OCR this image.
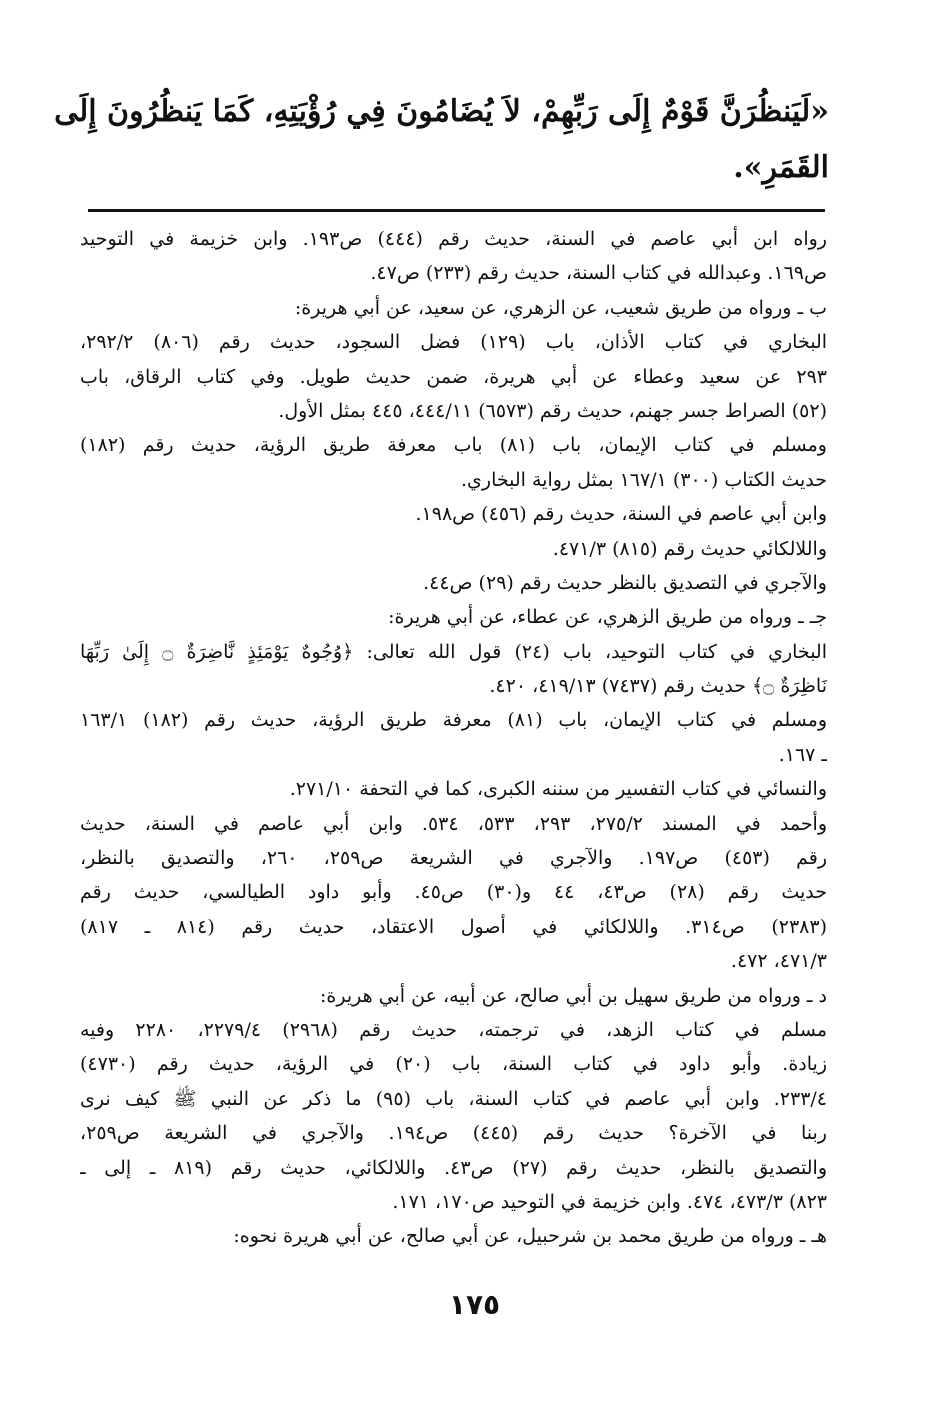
«لَيَنظُرَنَّ قَوْمٌ إِلَى رَبِّهِمْ، لاَ يُضَامُونَ فِي رُؤْيَتِهِ، كَمَا يَنظُرُونَ إِلَى
القَمَرِ».
رواه ابن أبي عاصم في السنة، حديث رقم (٤٤٤) ص١٩٣. وابن خزيمة في التوحيد
ص١٦٩. وعبدالله في كتاب السنة، حديث رقم (٢٣٣) ص٤٧.
ب ـ ورواه من طريق شعيب، عن الزهري، عن سعيد، عن أبي هريرة:
البخاري في كتاب الأذان، باب (١٢٩) فضل السجود، حديث رقم (٨٠٦) ٢٩٢/٢،
٢٩٣ عن سعيد وعطاء عن أبي هريرة، ضمن حديث طويل. وفي كتاب الرقاق، باب
(٥٢) الصراط جسر جهنم، حديث رقم (٦٥٧٣) ٤٤٤/١١، ٤٤٥ بمثل الأول.
ومسلم في كتاب الإيمان، باب (٨١) باب معرفة طريق الرؤية، حديث رقم (١٨٢)
حديث الكتاب (٣٠٠) ١٦٧/١ بمثل رواية البخاري.
وابن أبي عاصم في السنة، حديث رقم (٤٥٦) ص١٩٨.
واللالكائي حديث رقم (٨١٥) ٤٧١/٣.
والآجري في التصديق بالنظر حديث رقم (٢٩) ص٤٤.
جـ ـ ورواه من طريق الزهري، عن عطاء، عن أبي هريرة:
البخاري في كتاب التوحيد، باب (٢٤) قول الله تعالى: ﴿وُجُوهٌ يَوْمَئِذٍ نَّاضِرَةٌ ۝ إِلَىٰ رَبِّهَا
نَاظِرَةٌ ۝﴾ حديث رقم (٧٤٣٧) ٤١٩/١٣، ٤٢٠.
ومسلم في كتاب الإيمان، باب (٨١) معرفة طريق الرؤية، حديث رقم (١٨٢) ١٦٣/١
ـ ١٦٧.
والنسائي في كتاب التفسير من سننه الكبرى، كما في التحفة ٢٧١/١٠.
وأحمد في المسند ٢٧٥/٢، ٢٩٣، ٥٣٣، ٥٣٤. وابن أبي عاصم في السنة، حديث
رقم (٤٥٣) ص١٩٧. والآجري في الشريعة ص٢٥٩، ٢٦٠، والتصديق بالنظر،
حديث رقم (٢٨) ص٤٣، ٤٤ و(٣٠) ص٤٥. وأبو داود الطيالسي، حديث رقم
(٢٣٨٣) ص٣١٤. واللالكائي في أصول الاعتقاد، حديث رقم (٨١٤ ـ ٨١٧)
٤٧١/٣، ٤٧٢.
د ـ ورواه من طريق سهيل بن أبي صالح، عن أبيه، عن أبي هريرة:
مسلم في كتاب الزهد، في ترجمته، حديث رقم (٢٩٦٨) ٢٢٧٩/٤، ٢٢٨٠ وفيه
زيادة. وأبو داود في كتاب السنة، باب (٢٠) في الرؤية، حديث رقم (٤٧٣٠)
٢٣٣/٤. وابن أبي عاصم في كتاب السنة، باب (٩٥) ما ذكر عن النبي ﷺ كيف نرى
ربنا في الآخرة؟ حديث رقم (٤٤٥) ص١٩٤. والآجري في الشريعة ص٢٥٩،
والتصديق بالنظر، حديث رقم (٢٧) ص٤٣. واللالكائي، حديث رقم (٨١٩ ـ إلى ـ
٨٢٣) ٤٧٣/٣، ٤٧٤. وابن خزيمة في التوحيد ص١٧٠، ١٧١.
هـ ـ ورواه من طريق محمد بن شرحبيل، عن أبي صالح، عن أبي هريرة نحوه:
١٧٥
